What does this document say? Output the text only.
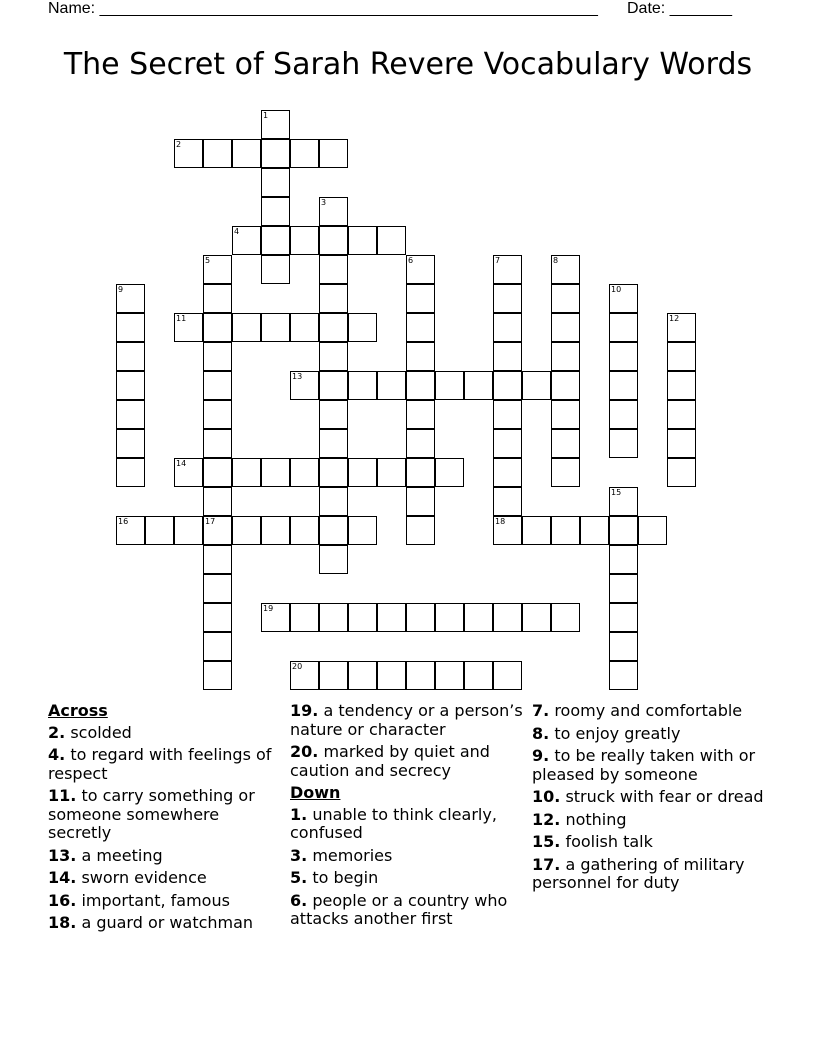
Name: ________________________________________________________ Date: _______
The Secret of Sarah Revere Vocabulary Words
1
2
3
4
5	6	7	8
9	10
11	12
13
14
15
16	17	18
19
20
Across
2. scolded
4. to regard with feelings of respect
11. to carry something or someone somewhere secretly
13. a meeting
14. sworn evidence
16. important, famous
18. a guard or watchman
19. a tendency or a person’s nature or character
20. marked by quiet and caution and secrecy
Down
1. unable to think clearly, confused
3. memories
5. to begin
6. people or a country who attacks another first
7. roomy and comfortable
8. to enjoy greatly
9. to be really taken with or pleased by someone
10. struck with fear or dread
12. nothing
15. foolish talk
17. a gathering of military personnel for duty
